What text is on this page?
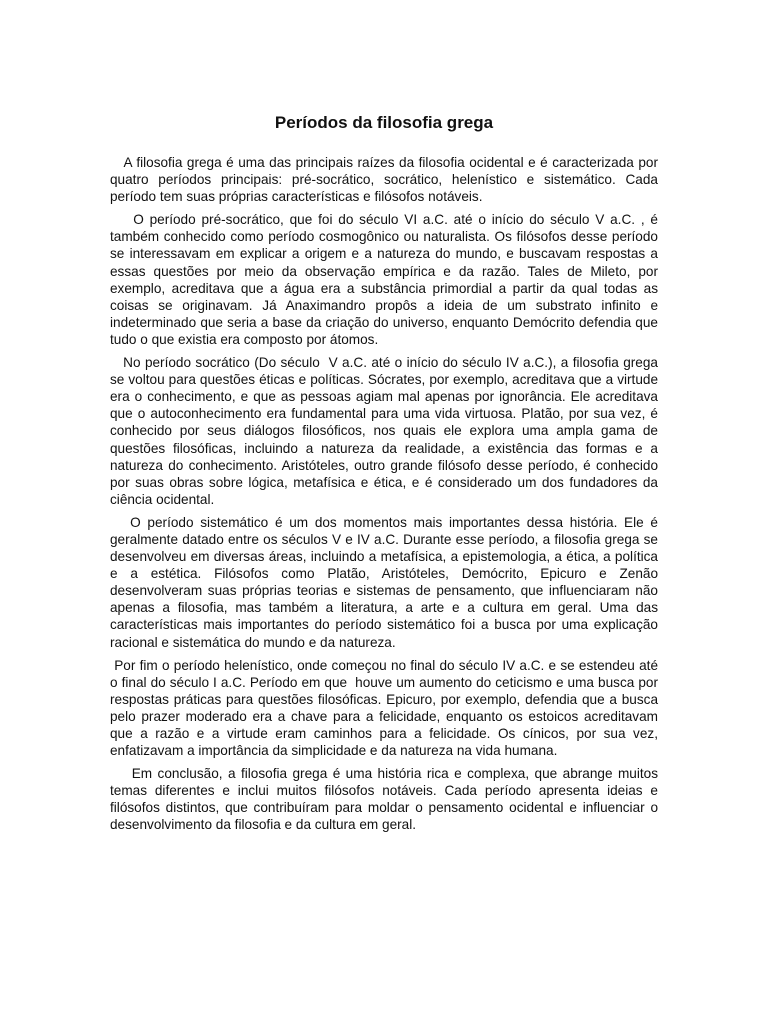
Períodos da filosofia grega

A filosofia grega é uma das principais raízes da filosofia ocidental e é caracterizada por quatro períodos principais: pré-socrático, socrático, helenístico e sistemático. Cada período tem suas próprias características e filósofos notáveis.

O período pré-socrático, que foi do século VI a.C. até o início do século V a.C. , é também conhecido como período cosmogônico ou naturalista. Os filósofos desse período se interessavam em explicar a origem e a natureza do mundo, e buscavam respostas a essas questões por meio da observação empírica e da razão. Tales de Mileto, por exemplo, acreditava que a água era a substância primordial a partir da qual todas as coisas se originavam. Já Anaximandro propôs a ideia de um substrato infinito e indeterminado que seria a base da criação do universo, enquanto Demócrito defendia que tudo o que existia era composto por átomos.

No período socrático (Do século  V a.C. até o início do século IV a.C.), a filosofia grega se voltou para questões éticas e políticas. Sócrates, por exemplo, acreditava que a virtude era o conhecimento, e que as pessoas agiam mal apenas por ignorância. Ele acreditava que o autoconhecimento era fundamental para uma vida virtuosa. Platão, por sua vez, é conhecido por seus diálogos filosóficos, nos quais ele explora uma ampla gama de questões filosóficas, incluindo a natureza da realidade, a existência das formas e a natureza do conhecimento. Aristóteles, outro grande filósofo desse período, é conhecido por suas obras sobre lógica, metafísica e ética, e é considerado um dos fundadores da ciência ocidental.

O período sistemático é um dos momentos mais importantes dessa história. Ele é geralmente datado entre os séculos V e IV a.C. Durante esse período, a filosofia grega se desenvolveu em diversas áreas, incluindo a metafísica, a epistemologia, a ética, a política e a estética. Filósofos como Platão, Aristóteles, Demócrito, Epicuro e Zenão desenvolveram suas próprias teorias e sistemas de pensamento, que influenciaram não apenas a filosofia, mas também a literatura, a arte e a cultura em geral. Uma das características mais importantes do período sistemático foi a busca por uma explicação racional e sistemática do mundo e da natureza.

Por fim o período helenístico, onde começou no final do século IV a.C. e se estendeu até o final do século I a.C. Período em que  houve um aumento do ceticismo e uma busca por respostas práticas para questões filosóficas. Epicuro, por exemplo, defendia que a busca pelo prazer moderado era a chave para a felicidade, enquanto os estoicos acreditavam que a razão e a virtude eram caminhos para a felicidade. Os cínicos, por sua vez, enfatizavam a importância da simplicidade e da natureza na vida humana.

Em conclusão, a filosofia grega é uma história rica e complexa, que abrange muitos temas diferentes e inclui muitos filósofos notáveis. Cada período apresenta ideias e filósofos distintos, que contribuíram para moldar o pensamento ocidental e influenciar o desenvolvimento da filosofia e da cultura em geral.
